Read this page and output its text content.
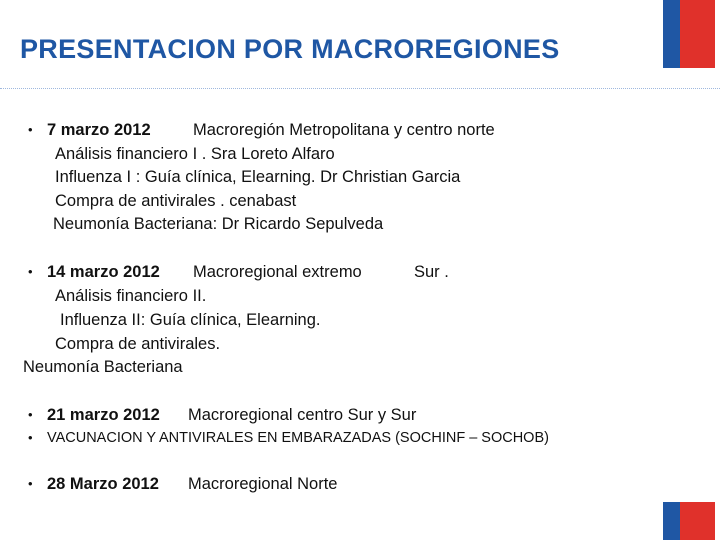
PRESENTACION POR MACROREGIONES
• 7 marzo 2012	Macroregión Metropolitana y centro norte
Análisis financiero I . Sra Loreto Alfaro
Influenza I : Guía clínica, Elearning. Dr Christian Garcia
Compra de antivirales . cenabast
Neumonía Bacteriana: Dr Ricardo Sepulveda
• 14 marzo 2012 Macroregional extremo	Sur .
Análisis financiero II.
Influenza II: Guía clínica, Elearning.
Compra de antivirales.
Neumonía Bacteriana
• 21 marzo 2012 Macroregional centro Sur y Sur
• VACUNACION Y ANTIVIRALES EN EMBARAZADAS (SOCHINF – SOCHOB)
• 28 Marzo 2012 Macroregional Norte
